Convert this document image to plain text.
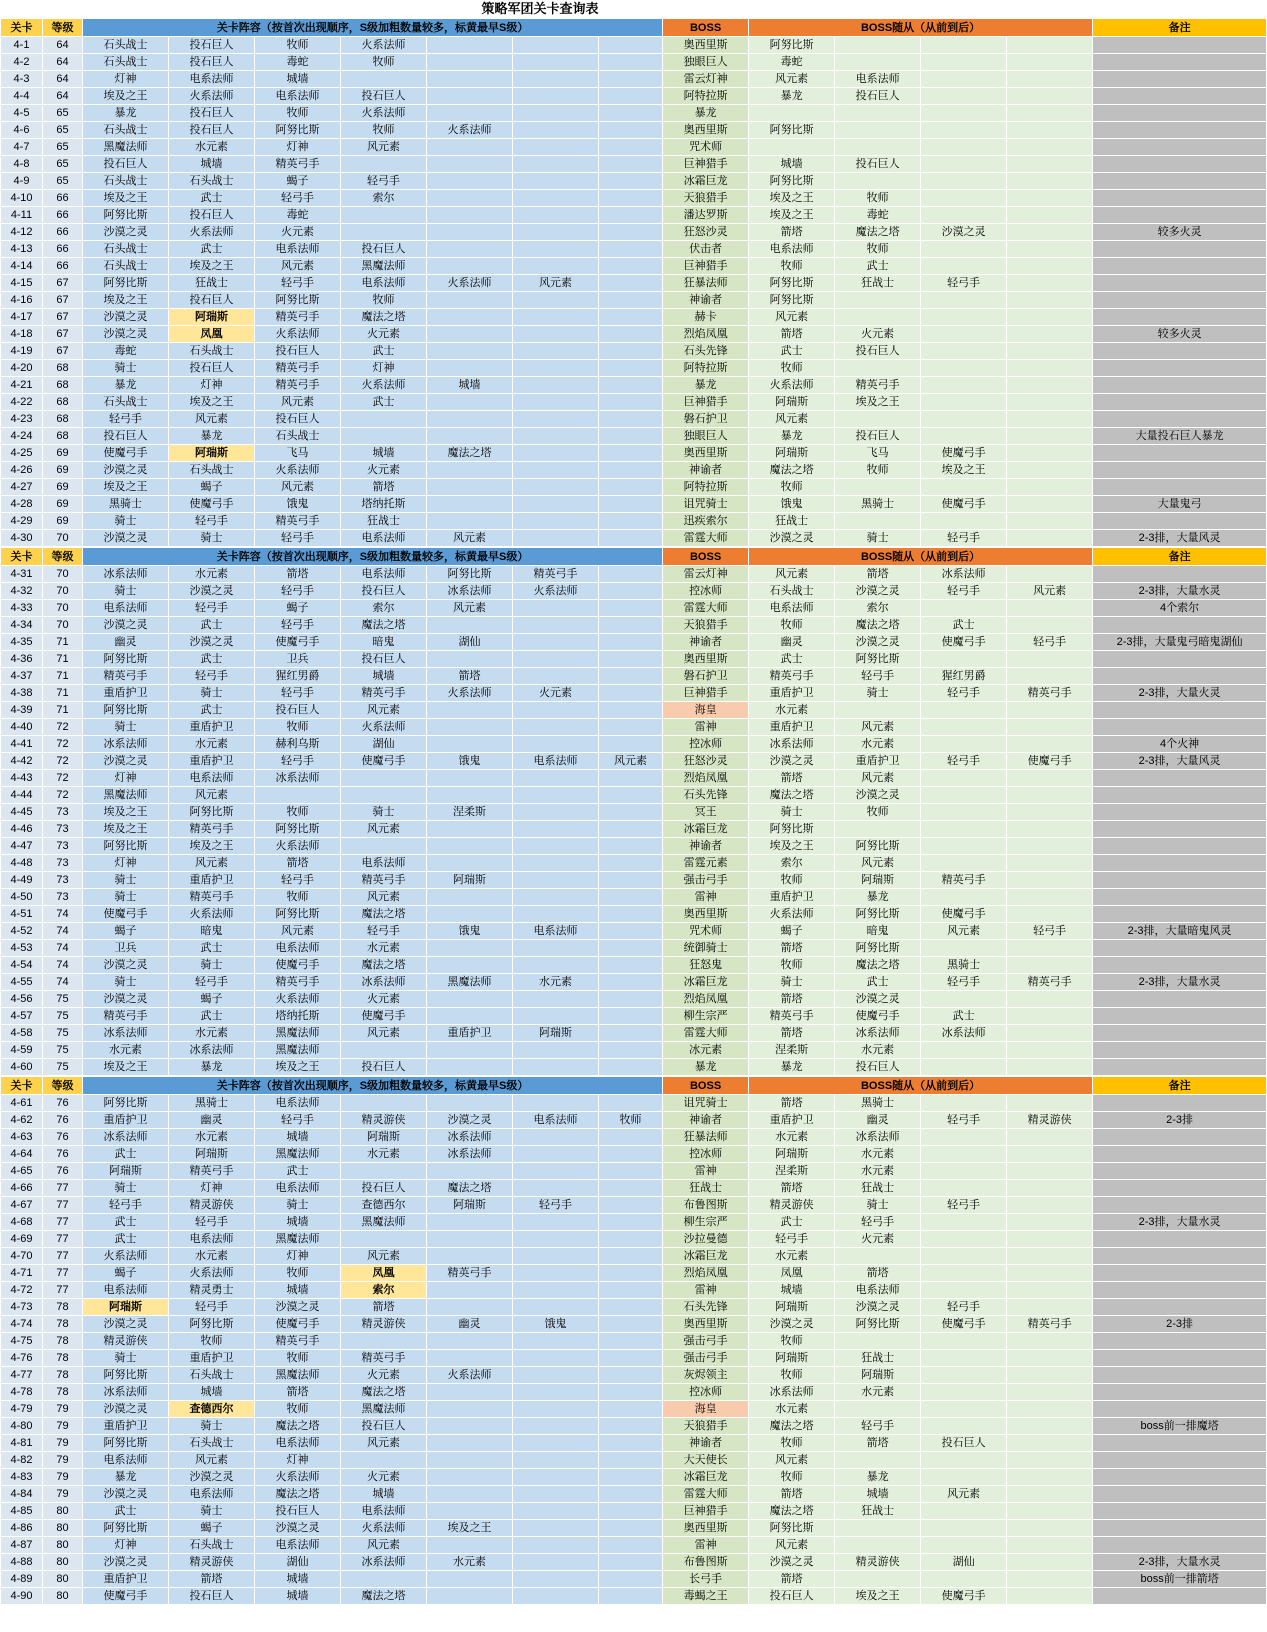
策略军团关卡查询表
关卡	等级	关卡阵容（按首次出现顺序，S级加粗数量较多，标黄最早S级）							BOSS	BOSS随从（从前到后）				备注
4-1	64	石头战士	投石巨人	牧师	火系法师				奥西里斯	阿努比斯				
4-2	64	石头战士	投石巨人	毒蛇	牧师				独眼巨人	毒蛇				
4-3	64	灯神	电系法师	城墙					雷云灯神	风元素	电系法师			
4-4	64	埃及之王	火系法师	电系法师	投石巨人				阿特拉斯	暴龙	投石巨人			
4-5	65	暴龙	投石巨人	牧师	火系法师				暴龙					
4-6	65	石头战士	投石巨人	阿努比斯	牧师	火系法师			奥西里斯	阿努比斯				
4-7	65	黑魔法师	水元素	灯神	风元素				咒术师					
4-8	65	投石巨人	城墙	精英弓手					巨神猎手	城墙	投石巨人			
4-9	65	石头战士	石头战士	蝎子	轻弓手				冰霜巨龙	阿努比斯				
4-10	66	埃及之王	武士	轻弓手	索尔				天狼猎手	埃及之王	牧师			
4-11	66	阿努比斯	投石巨人	毒蛇					潘达罗斯	埃及之王	毒蛇			
4-12	66	沙漠之灵	火系法师	火元素					狂怒沙灵	箭塔	魔法之塔	沙漠之灵		较多火灵
4-13	66	石头战士	武士	电系法师	投石巨人				伏击者	电系法师	牧师			
4-14	66	石头战士	埃及之王	风元素	黑魔法师				巨神猎手	牧师	武士			
4-15	67	阿努比斯	狂战士	轻弓手	电系法师	火系法师	风元素		狂暴法师	阿努比斯	狂战士	轻弓手		
4-16	67	埃及之王	投石巨人	阿努比斯	牧师				神谕者	阿努比斯				
4-17	67	沙漠之灵	阿瑞斯	精英弓手	魔法之塔				赫卡	风元素				
4-18	67	沙漠之灵	凤凰	火系法师	火元素				烈焰凤凰	箭塔	火元素			较多火灵
4-19	67	毒蛇	石头战士	投石巨人	武士				石头先锋	武士	投石巨人			
4-20	68	骑士	投石巨人	精英弓手	灯神				阿特拉斯	牧师				
4-21	68	暴龙	灯神	精英弓手	火系法师	城墙			暴龙	火系法师	精英弓手			
4-22	68	石头战士	埃及之王	风元素	武士				巨神猎手	阿瑞斯	埃及之王			
4-23	68	轻弓手	风元素	投石巨人					磐石护卫	风元素				
4-24	68	投石巨人	暴龙	石头战士					独眼巨人	暴龙	投石巨人			大量投石巨人暴龙
4-25	69	使魔弓手	阿瑞斯	飞马	城墙	魔法之塔			奥西里斯	阿瑞斯	飞马	使魔弓手		
4-26	69	沙漠之灵	石头战士	火系法师	火元素				神谕者	魔法之塔	牧师	埃及之王		
4-27	69	埃及之王	蝎子	风元素	箭塔				阿特拉斯	牧师				
4-28	69	黑骑士	使魔弓手	饿鬼	塔纳托斯				诅咒骑士	饿鬼	黑骑士	使魔弓手		大量鬼弓
4-29	69	骑士	轻弓手	精英弓手	狂战士				迅疾索尔	狂战士				
4-30	70	沙漠之灵	骑士	轻弓手	电系法师	风元素			雷霆大师	沙漠之灵	骑士	轻弓手		2-3排，大量风灵
关卡	等级	关卡阵容（按首次出现顺序，S级加粗数量较多，标黄最早S级）							BOSS	BOSS随从（从前到后）				备注
4-31	70	冰系法师	水元素	箭塔	电系法师	阿努比斯	精英弓手		雷云灯神	风元素	箭塔	冰系法师		
4-32	70	骑士	沙漠之灵	轻弓手	投石巨人	冰系法师	火系法师		控冰师	石头战士	沙漠之灵	轻弓手	风元素	2-3排，大量水灵
4-33	70	电系法师	轻弓手	蝎子	索尔	风元素			雷霆大师	电系法师	索尔			4个索尔
4-34	70	沙漠之灵	武士	轻弓手	魔法之塔				天狼猎手	牧师	魔法之塔	武士		
4-35	71	幽灵	沙漠之灵	使魔弓手	暗鬼	湖仙			神谕者	幽灵	沙漠之灵	使魔弓手	轻弓手	2-3排，大量鬼弓暗鬼湖仙
4-36	71	阿努比斯	武士	卫兵	投石巨人				奥西里斯	武士	阿努比斯			
4-37	71	精英弓手	轻弓手	猩红男爵	城墙	箭塔			磐石护卫	精英弓手	轻弓手	猩红男爵		
4-38	71	重盾护卫	骑士	轻弓手	精英弓手	火系法师	火元素		巨神猎手	重盾护卫	骑士	轻弓手	精英弓手	2-3排，大量火灵
4-39	71	阿努比斯	武士	投石巨人	风元素				海皇	水元素				
4-40	72	骑士	重盾护卫	牧师	火系法师				雷神	重盾护卫	风元素			
4-41	72	冰系法师	水元素	赫利乌斯	湖仙				控冰师	冰系法师	水元素			4个火神
4-42	72	沙漠之灵	重盾护卫	轻弓手	使魔弓手	饿鬼	电系法师	风元素	狂怒沙灵	沙漠之灵	重盾护卫	轻弓手	使魔弓手	2-3排，大量风灵
4-43	72	灯神	电系法师	冰系法师					烈焰凤凰	箭塔	风元素			
4-44	72	黑魔法师	风元素						石头先锋	魔法之塔	沙漠之灵			
4-45	73	埃及之王	阿努比斯	牧师	骑士	涅柔斯			冥王	骑士	牧师			
4-46	73	埃及之王	精英弓手	阿努比斯	风元素				冰霜巨龙	阿努比斯				
4-47	73	阿努比斯	埃及之王	火系法师					神谕者	埃及之王	阿努比斯			
4-48	73	灯神	风元素	箭塔	电系法师				雷霆元素	索尔	风元素			
4-49	73	骑士	重盾护卫	轻弓手	精英弓手	阿瑞斯			强击弓手	牧师	阿瑞斯	精英弓手		
4-50	73	骑士	精英弓手	牧师	风元素				雷神	重盾护卫	暴龙			
4-51	74	使魔弓手	火系法师	阿努比斯	魔法之塔				奥西里斯	火系法师	阿努比斯	使魔弓手		
4-52	74	蝎子	暗鬼	风元素	轻弓手	饿鬼	电系法师		咒术师	蝎子	暗鬼	风元素	轻弓手	2-3排，大量暗鬼风灵
4-53	74	卫兵	武士	电系法师	水元素				统御骑士	箭塔	阿努比斯			
4-54	74	沙漠之灵	骑士	使魔弓手	魔法之塔				狂怒鬼	牧师	魔法之塔	黑骑士		
4-55	74	骑士	轻弓手	精英弓手	冰系法师	黑魔法师	水元素		冰霜巨龙	骑士	武士	轻弓手	精英弓手	2-3排，大量水灵
4-56	75	沙漠之灵	蝎子	火系法师	火元素				烈焰凤凰	箭塔	沙漠之灵			
4-57	75	精英弓手	武士	塔纳托斯	使魔弓手				柳生宗严	精英弓手	使魔弓手	武士		
4-58	75	冰系法师	水元素	黑魔法师	风元素	重盾护卫	阿瑞斯		雷霆大师	箭塔	冰系法师	冰系法师		
4-59	75	水元素	冰系法师	黑魔法师					冰元素	涅柔斯	水元素			
4-60	75	埃及之王	暴龙	埃及之王	投石巨人				暴龙	暴龙	投石巨人			
关卡	等级	关卡阵容（按首次出现顺序，S级加粗数量较多，标黄最早S级）							BOSS	BOSS随从（从前到后）				备注
4-61	76	阿努比斯	黑骑士	电系法师					诅咒骑士	箭塔	黑骑士			
4-62	76	重盾护卫	幽灵	轻弓手	精灵游侠	沙漠之灵	电系法师	牧师	神谕者	重盾护卫	幽灵	轻弓手	精灵游侠	2-3排
4-63	76	冰系法师	水元素	城墙	阿瑞斯	冰系法师			狂暴法师	水元素	冰系法师			
4-64	76	武士	阿瑞斯	黑魔法师	水元素	冰系法师			控冰师	阿瑞斯	水元素			
4-65	76	阿瑞斯	精英弓手	武士					雷神	涅柔斯	水元素			
4-66	77	骑士	灯神	电系法师	投石巨人	魔法之塔			狂战士	箭塔	狂战士			
4-67	77	轻弓手	精灵游侠	骑士	查德西尔	阿瑞斯	轻弓手		布鲁图斯	精灵游侠	骑士	轻弓手		
4-68	77	武士	轻弓手	城墙	黑魔法师				柳生宗严	武士	轻弓手			2-3排，大量水灵
4-69	77	武士	电系法师	黑魔法师					沙拉曼德	轻弓手	火元素			
4-70	77	火系法师	水元素	灯神	风元素				冰霜巨龙	水元素				
4-71	77	蝎子	火系法师	牧师	凤凰	精英弓手			烈焰凤凰	凤凰	箭塔			
4-72	77	电系法师	精灵勇士	城墙	索尔				雷神	城墙	电系法师			
4-73	78	阿瑞斯	轻弓手	沙漠之灵	箭塔				石头先锋	阿瑞斯	沙漠之灵	轻弓手		
4-74	78	沙漠之灵	阿努比斯	使魔弓手	精灵游侠	幽灵	饿鬼		奥西里斯	沙漠之灵	阿努比斯	使魔弓手	精英弓手	2-3排
4-75	78	精灵游侠	牧师	精英弓手					强击弓手	牧师				
4-76	78	骑士	重盾护卫	牧师	精英弓手				强击弓手	阿瑞斯	狂战士			
4-77	78	阿努比斯	石头战士	黑魔法师	火元素	火系法师			灰烬领主	牧师	阿瑞斯			
4-78	78	冰系法师	城墙	箭塔	魔法之塔				控冰师	冰系法师	水元素			
4-79	79	沙漠之灵	查德西尔	牧师	黑魔法师				海皇	水元素				
4-80	79	重盾护卫	骑士	魔法之塔	投石巨人				天狼猎手	魔法之塔	轻弓手			boss前一排魔塔
4-81	79	阿努比斯	石头战士	电系法师	风元素				神谕者	牧师	箭塔	投石巨人		
4-82	79	电系法师	风元素	灯神					大天使长	风元素				
4-83	79	暴龙	沙漠之灵	火系法师	火元素				冰霜巨龙	牧师	暴龙			
4-84	79	沙漠之灵	电系法师	魔法之塔	城墙				雷霆大师	箭塔	城墙	风元素		
4-85	80	武士	骑士	投石巨人	电系法师				巨神猎手	魔法之塔	狂战士			
4-86	80	阿努比斯	蝎子	沙漠之灵	火系法师	埃及之王			奥西里斯	阿努比斯				
4-87	80	灯神	石头战士	电系法师	风元素				雷神	风元素				
4-88	80	沙漠之灵	精灵游侠	湖仙	冰系法师	水元素			布鲁图斯	沙漠之灵	精灵游侠	湖仙		2-3排，大量水灵
4-89	80	重盾护卫	箭塔	城墙					长弓手	箭塔				boss前一排箭塔
4-90	80	使魔弓手	投石巨人	城墙	魔法之塔				毒蝎之王	投石巨人	埃及之王	使魔弓手		
